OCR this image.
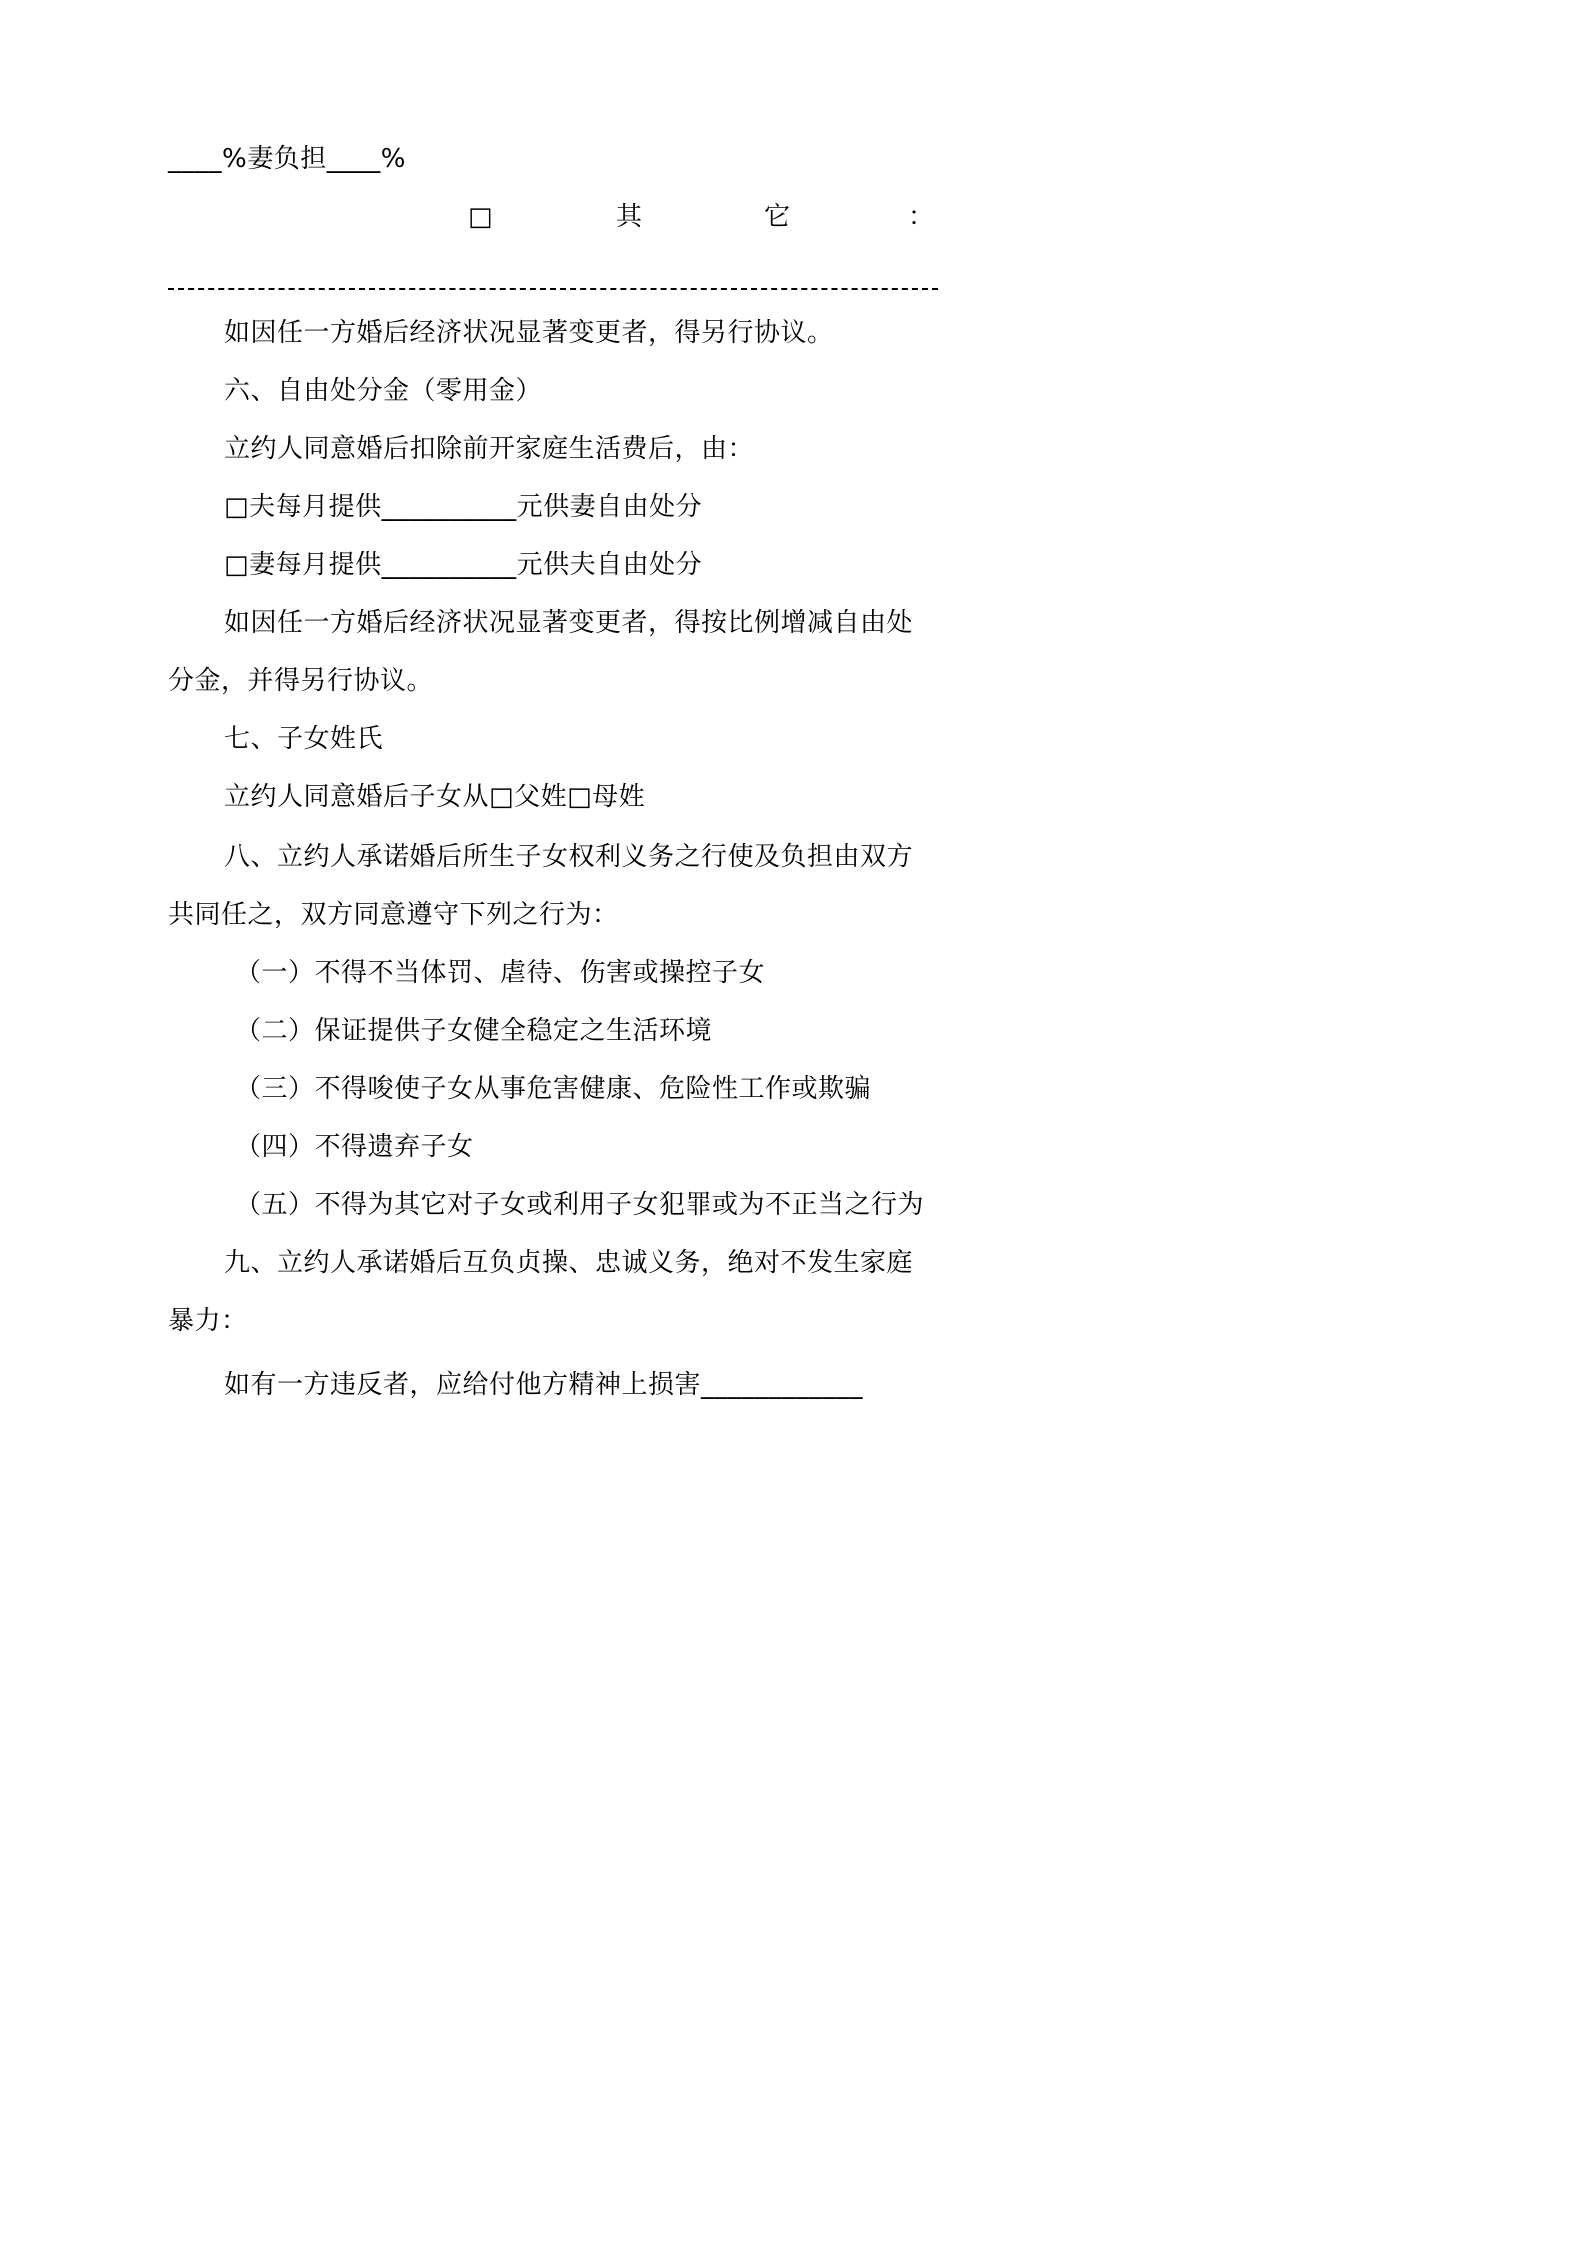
____%妻负担____%
□	其	它	：
如因任一方婚后经济状况显著变更者，得另行协议。
六、自由处分金（零用金）
立约人同意婚后扣除前开家庭生活费后，由：
□夫每月提供__________元供妻自由处分
□妻每月提供__________元供夫自由处分
如因任一方婚后经济状况显著变更者，得按比例增减自由处
分金，并得另行协议。
七、子女姓氏
立约人同意婚后子女从□父姓□母姓
八、立约人承诺婚后所生子女权利义务之行使及负担由双方
共同任之，双方同意遵守下列之行为：
（一）不得不当体罚、虐待、伤害或操控子女
（二）保证提供子女健全稳定之生活环境
（三）不得唆使子女从事危害健康、危险性工作或欺骗
（四）不得遗弃子女
（五）不得为其它对子女或利用子女犯罪或为不正当之行为
九、立约人承诺婚后互负贞操、忠诚义务，绝对不发生家庭
暴力：
如有一方违反者，应给付他方精神上损害____________
